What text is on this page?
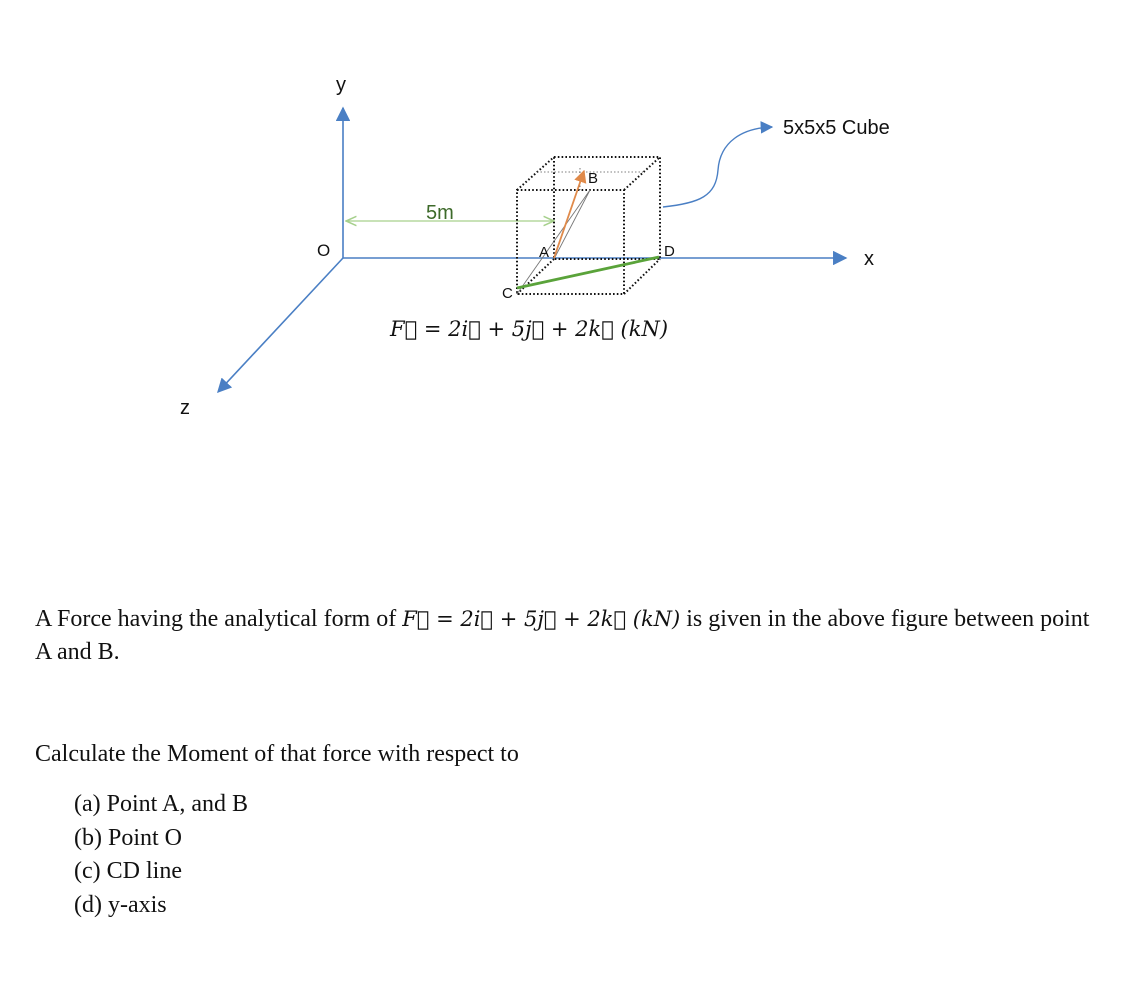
y
x
z
O
5m
A
B
C
D
5x5x5 Cube
F⃗ = 2i⃗ + 5j⃗ + 2k⃗ (kN)

A Force having the analytical form of F⃗ = 2i⃗ + 5j⃗ + 2k⃗ (kN) is given in the above figure between point A and B.

Calculate the Moment of that force with respect to

(a) Point A, and B
(b) Point O
(c) CD line
(d) y-axis
